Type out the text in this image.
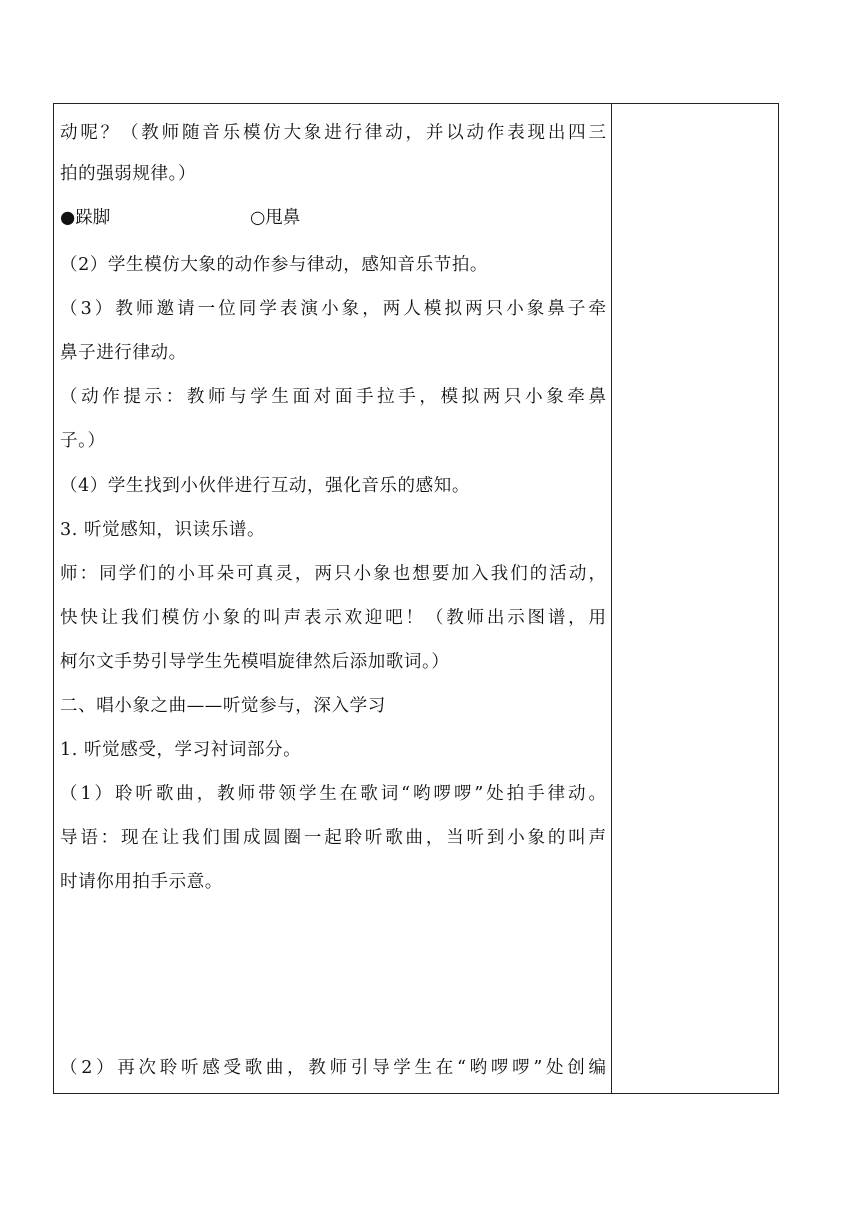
动呢？（教师随音乐模仿大象进行律动，并以动作表现出四三
拍的强弱规律。）
●跺脚	○甩鼻
（2）学生模仿大象的动作参与律动，感知音乐节拍。
（3）教师邀请一位同学表演小象，两人模拟两只小象鼻子牵
鼻子进行律动。
（动作提示：教师与学生面对面手拉手，模拟两只小象牵鼻
子。）
（4）学生找到小伙伴进行互动，强化音乐的感知。
3. 听觉感知，识读乐谱。
师：同学们的小耳朵可真灵，两只小象也想要加入我们的活动，
快快让我们模仿小象的叫声表示欢迎吧！（教师出示图谱，用
柯尔文手势引导学生先模唱旋律然后添加歌词。）
二、唱小象之曲——听觉参与，深入学习
1. 听觉感受，学习衬词部分。
（1）聆听歌曲，教师带领学生在歌词“哟啰啰”处拍手律动。
导语：现在让我们围成圆圈一起聆听歌曲，当听到小象的叫声
时请你用拍手示意。
（2）再次聆听感受歌曲，教师引导学生在“哟啰啰”处创编
